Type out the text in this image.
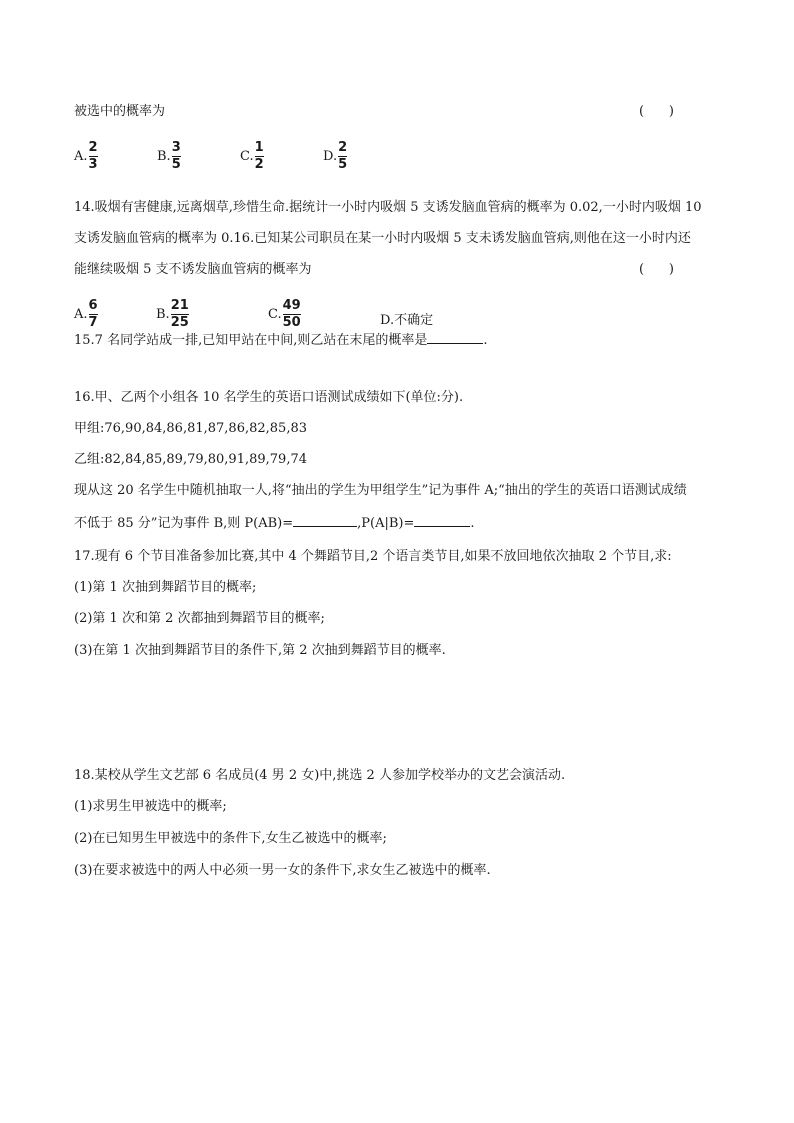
被选中的概率为	(      )
A. $\frac{2}{3}$	B. $\frac{3}{5}$	C. $\frac{1}{2}$	D. $\frac{2}{5}$
14.吸烟有害健康,远离烟草,珍惜生命.据统计一小时内吸烟 5 支诱发脑血管病的概率为 0.02,一小时内吸烟 10
支诱发脑血管病的概率为 0.16.已知某公司职员在某一小时内吸烟 5 支未诱发脑血管病,则他在这一小时内还
能继续吸烟 5 支不诱发脑血管病的概率为	(      )
A. $\frac{6}{7}$	B. $\frac{21}{25}$	C. $\frac{49}{50}$	D.不确定
15.7 名同学站成一排,已知甲站在中间,则乙站在末尾的概率是	.
16.甲、乙两个小组各 10 名学生的英语口语测试成绩如下(单位:分).
甲组:76,90,84,86,81,87,86,82,85,83
乙组:82,84,85,89,79,80,91,89,79,74
现从这 20 名学生中随机抽取一人,将“抽出的学生为甲组学生”记为事件 A;“抽出的学生的英语口语测试成绩
不低于 85 分”记为事件 B,则 P(AB)=	,P(A|B)=	.
17.现有 6 个节目准备参加比赛,其中 4 个舞蹈节目,2 个语言类节目,如果不放回地依次抽取 2 个节目,求:
(1)第 1 次抽到舞蹈节目的概率;
(2)第 1 次和第 2 次都抽到舞蹈节目的概率;
(3)在第 1 次抽到舞蹈节目的条件下,第 2 次抽到舞蹈节目的概率.
18.某校从学生文艺部 6 名成员(4 男 2 女)中,挑选 2 人参加学校举办的文艺会演活动.
(1)求男生甲被选中的概率;
(2)在已知男生甲被选中的条件下,女生乙被选中的概率;
(3)在要求被选中的两人中必须一男一女的条件下,求女生乙被选中的概率.
